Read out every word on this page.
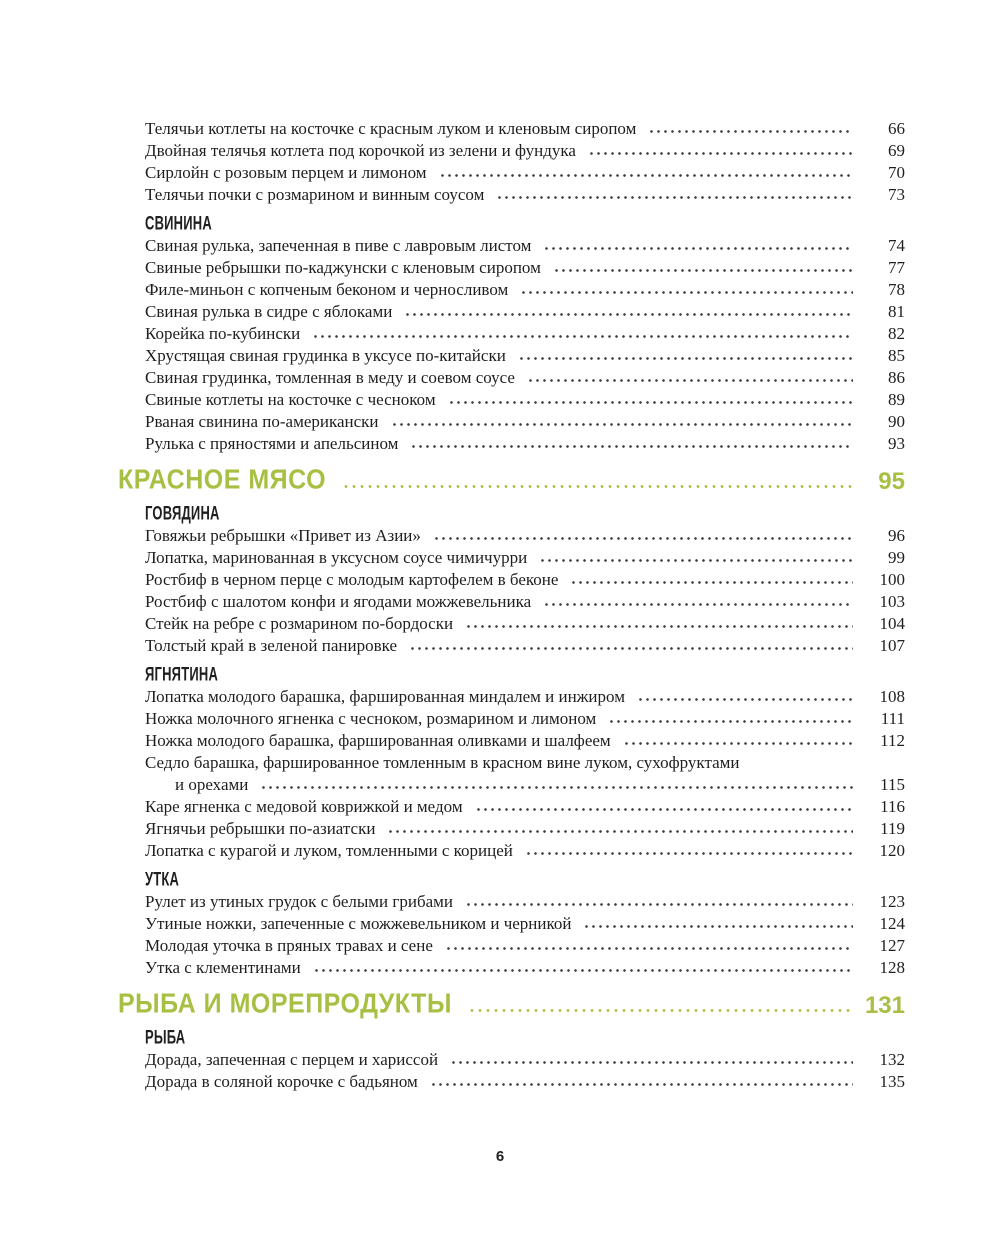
Телячьи котлеты на косточке с красным луком и кленовым сиропом	66
Двойная телячья котлета под корочкой из зелени и фундука	69
Сирлойн с розовым перцем и лимоном	70
Телячьи почки с розмарином и винным соусом	73
СВИНИНА
Свиная рулька, запеченная в пиве с лавровым листом	74
Свиные ребрышки по-каджунски с кленовым сиропом	77
Филе-миньон с копченым беконом и черносливом	78
Свиная рулька в сидре с яблоками	81
Корейка по-кубински	82
Хрустящая свиная грудинка в уксусе по-китайски	85
Свиная грудинка, томленная в меду и соевом соусе	86
Свиные котлеты на косточке с чесноком	89
Рваная свинина по-американски	90
Рулька с пряностями и апельсином	93
КРАСНОЕ МЯСО	95
ГОВЯДИНА
Говяжьи ребрышки «Привет из Азии»	96
Лопатка, маринованная в уксусном соусе чимичурри	99
Ростбиф в черном перце с молодым картофелем в беконе	100
Ростбиф с шалотом конфи и ягодами можжевельника	103
Стейк на ребре с розмарином по-бордоски	104
Толстый край в зеленой панировке	107
ЯГНЯТИНА
Лопатка молодого барашка, фаршированная миндалем и инжиром	108
Ножка молочного ягненка с чесноком, розмарином и лимоном	111
Ножка молодого барашка, фаршированная оливками и шалфеем	112
Седло барашка, фаршированное томленным в красном вине луком, сухофруктами
и орехами	115
Каре ягненка с медовой коврижкой и медом	116
Ягнячьи ребрышки по-азиатски	119
Лопатка с курагой и луком, томленными с корицей	120
УТКА
Рулет из утиных грудок с белыми грибами	123
Утиные ножки, запеченные с можжевельником и черникой	124
Молодая уточка в пряных травах и сене	127
Утка с клементинами	128
РЫБА И МОРЕПРОДУКТЫ	131
РЫБА
Дорада, запеченная с перцем и хариссой	132
Дорада в соляной корочке с бадьяном	135
6
